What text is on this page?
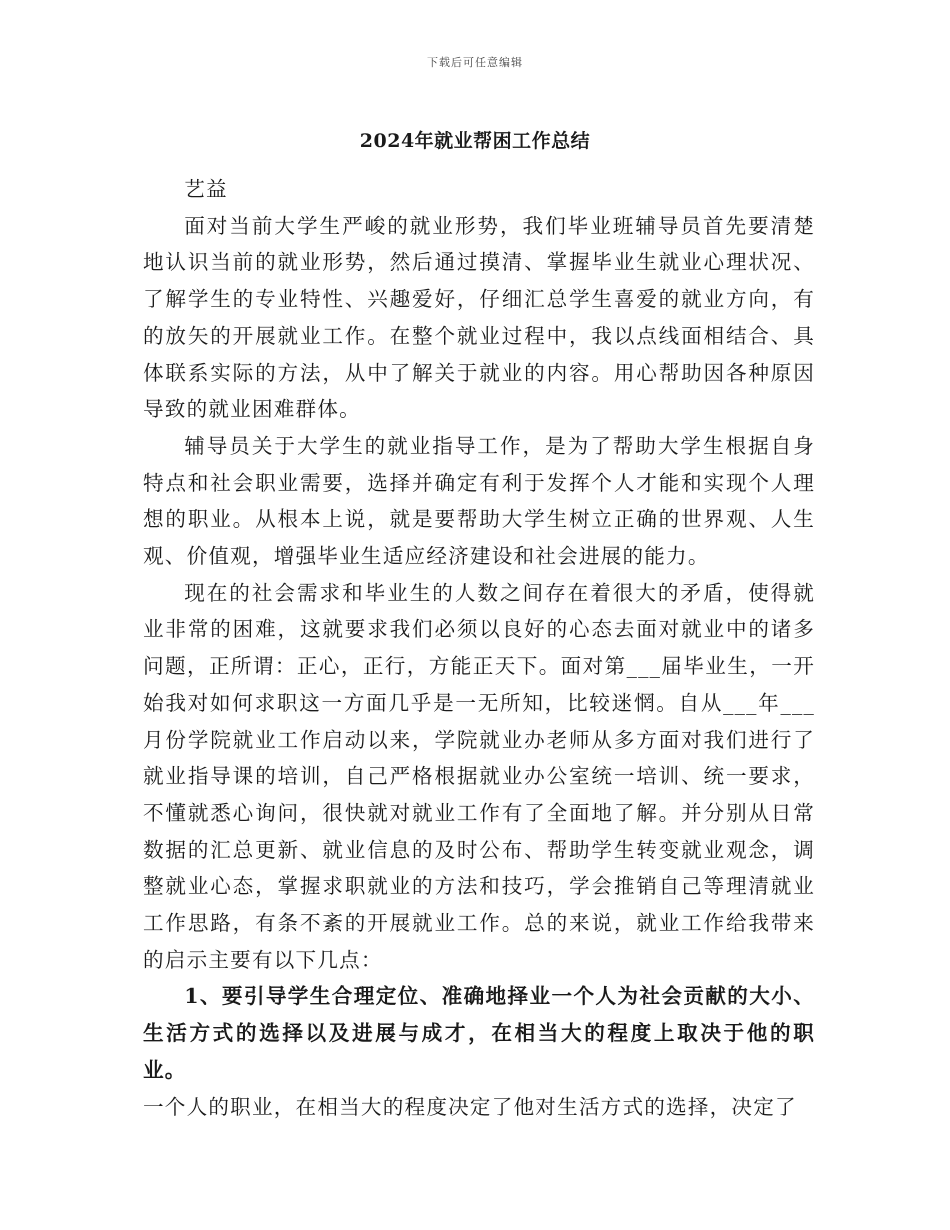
下载后可任意编辑
2024年就业帮困工作总结

艺益

面对当前大学生严峻的就业形势，我们毕业班辅导员首先要清楚地认识当前的就业形势，然后通过摸清、掌握毕业生就业心理状况、了解学生的专业特性、兴趣爱好，仔细汇总学生喜爱的就业方向，有的放矢的开展就业工作。在整个就业过程中，我以点线面相结合、具体联系实际的方法，从中了解关于就业的内容。用心帮助因各种原因导致的就业困难群体。

辅导员关于大学生的就业指导工作，是为了帮助大学生根据自身特点和社会职业需要，选择并确定有利于发挥个人才能和实现个人理想的职业。从根本上说，就是要帮助大学生树立正确的世界观、人生观、价值观，增强毕业生适应经济建设和社会进展的能力。

现在的社会需求和毕业生的人数之间存在着很大的矛盾，使得就业非常的困难，这就要求我们必须以良好的心态去面对就业中的诸多问题，正所谓：正心，正行，方能正天下。面对第___届毕业生，一开始我对如何求职这一方面几乎是一无所知，比较迷惘。自从___年___月份学院就业工作启动以来，学院就业办老师从多方面对我们进行了就业指导课的培训，自己严格根据就业办公室统一培训、统一要求，不懂就悉心询问，很快就对就业工作有了全面地了解。并分别从日常数据的汇总更新、就业信息的及时公布、帮助学生转变就业观念，调整就业心态，掌握求职就业的方法和技巧，学会推销自己等理清就业工作思路，有条不紊的开展就业工作。总的来说，就业工作给我带来的启示主要有以下几点：

1、要引导学生合理定位、准确地择业一个人为社会贡献的大小、生活方式的选择以及进展与成才，在相当大的程度上取决于他的职业。

一个人的职业，在相当大的程度决定了他对生活方式的选择，决定了
